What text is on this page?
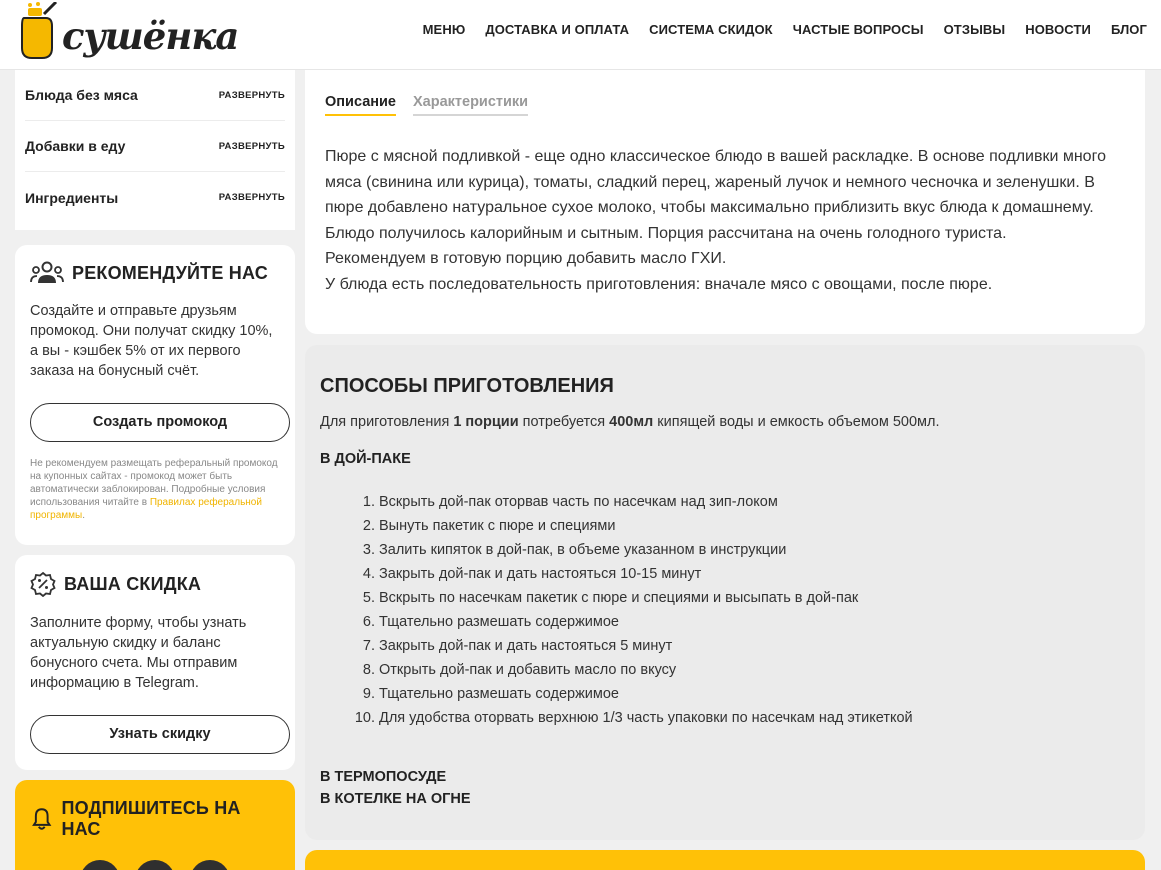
сушёнка	МЕНЮ ДОСТАВКА И ОПЛАТА СИСТЕМА СКИДОК ЧАСТЫЕ ВОПРОСЫ ОТЗЫВЫ НОВОСТИ БЛОГ
Блюда без мяса	РАЗВЕРНУТЬ
Добавки в еду	РАЗВЕРНУТЬ
Ингредиенты	РАЗВЕРНУТЬ
РЕКОМЕНДУЙТЕ НАС

Создайте и отправьте друзьям промокод. Они получат скидку 10%, а вы - кэшбек 5% от их первого заказа на бонусный счёт.

Создать промокод

Не рекомендуем размещать реферальный промокод на купонных сайтах - промокод может быть автоматически заблокирован. Подробные условия использования читайте в Правилах реферальной программы.

ВАША СКИДКА

Заполните форму, чтобы узнать актуальную скидку и баланс бонусного счета. Мы отправим информацию в Telegram.

Узнать скидку
ПОДПИШИТЕСЬ НА НАС
Описание Характеристики

Пюре с мясной подливкой - еще одно классическое блюдо в вашей раскладке. В основе подливки много мяса (свинина или курица), томаты, сладкий перец, жареный лучок и немного чесночка и зеленушки. В пюре добавлено натуральное сухое молоко, чтобы максимально приблизить вкус блюда к домашнему. Блюдо получилось калорийным и сытным. Порция рассчитана на очень голодного туриста.

Рекомендуем в готовую порцию добавить масло ГХИ.

У блюда есть последовательность приготовления: вначале мясо с овощами, после пюре.

СПОСОБЫ ПРИГОТОВЛЕНИЯ

Для приготовления 1 порции потребуется 400мл кипящей воды и емкость объемом 500мл.

В ДОЙ-ПАКЕ

1. Вскрыть дой-пак оторвав часть по насечкам над зип-локом
2. Вынуть пакетик с пюре и специями
3. Залить кипяток в дой-пак, в объеме указанном в инструкции
4. Закрыть дой-пак и дать настояться 10-15 минут
5. Вскрыть по насечкам пакетик с пюре и специями и высыпать в дой-пак
6. Тщательно размешать содержимое
7. Закрыть дой-пак и дать настояться 5 минут
8. Открыть дой-пак и добавить масло по вкусу
9. Тщательно размешать содержимое
10. Для удобства оторвать верхнюю 1/3 часть упаковки по насечкам над этикеткой

В ТЕРМОПОСУДЕ

В КОТЕЛКЕ НА ОГНЕ
